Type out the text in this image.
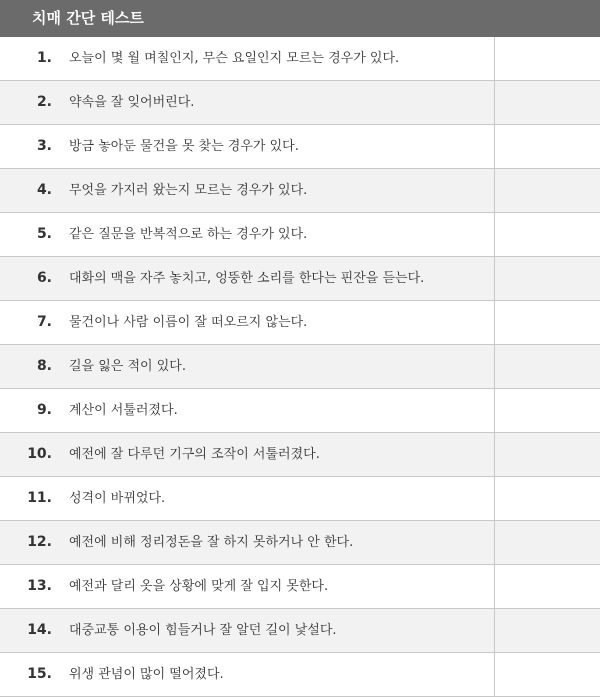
치매 간단 테스트
1. 오늘이 몇 월 며칠인지, 무슨 요일인지 모르는 경우가 있다.
2. 약속을 잘 잊어버린다.
3. 방금 놓아둔 물건을 못 찾는 경우가 있다.
4. 무엇을 가지러 왔는지 모르는 경우가 있다.
5. 같은 질문을 반복적으로 하는 경우가 있다.
6. 대화의 맥을 자주 놓치고, 엉뚱한 소리를 한다는 핀잔을 듣는다.
7. 물건이나 사람 이름이 잘 떠오르지 않는다.
8. 길을 잃은 적이 있다.
9. 계산이 서툴러졌다.
10. 예전에 잘 다루던 기구의 조작이 서툴러졌다.
11. 성격이 바뀌었다.
12. 예전에 비해 정리정돈을 잘 하지 못하거나 안 한다.
13. 예전과 달리 옷을 상황에 맞게 잘 입지 못한다.
14. 대중교통 이용이 힘들거나 잘 알던 길이 낯설다.
15. 위생 관념이 많이 떨어졌다.
